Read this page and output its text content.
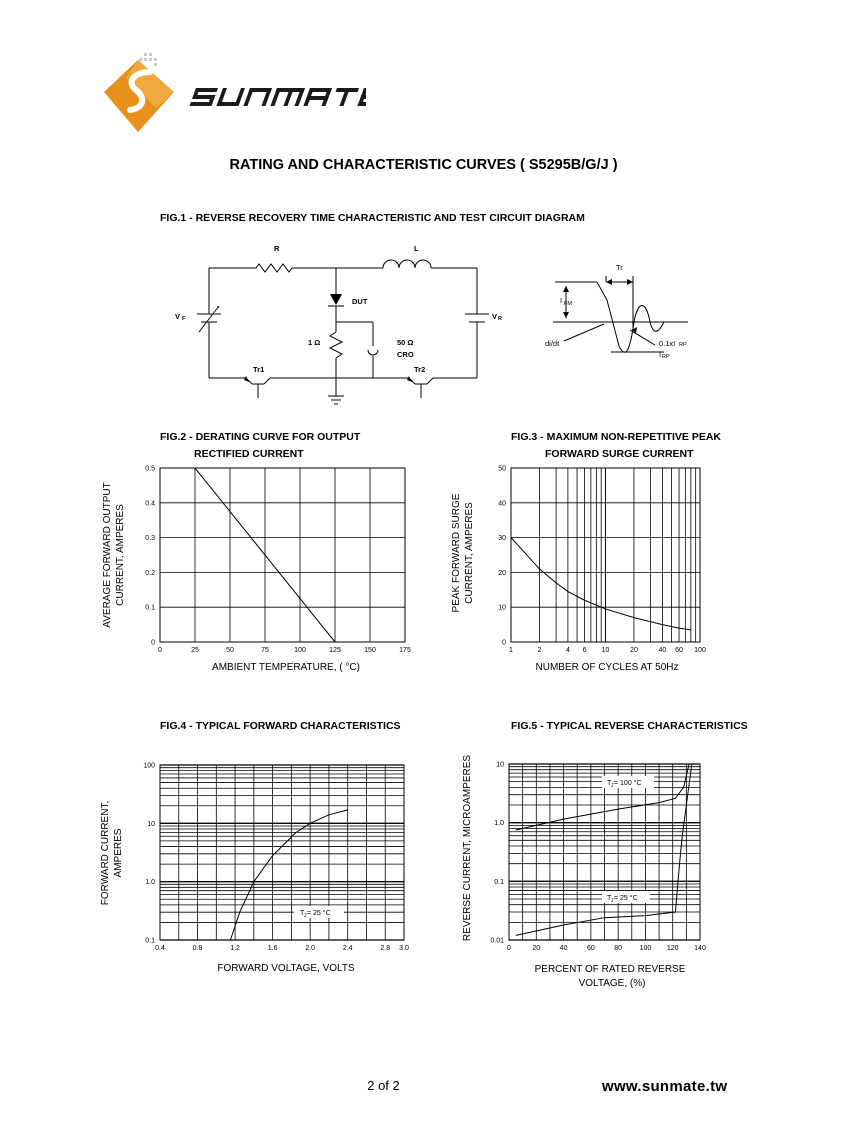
RATING AND CHARACTERISTIC CURVES ( S5295B/G/J )
FIG.1 - REVERSE RECOVERY TIME CHARACTERISTIC AND TEST CIRCUIT DIAGRAM
R	L
V F	V R
DUT
1 Ω	50 Ω
CRO
Tr1	Tr2
Tr
I FM
di/dt	0.1xI RP
I RP
FIG.2 - DERATING CURVE FOR OUTPUT
RECTIFIED CURRENT
FIG.3 - MAXIMUM NON-REPETITIVE PEAK
FORWARD SURGE CURRENT
FIG.4 - TYPICAL FORWARD CHARACTERISTICS	FIG.5 - TYPICAL REVERSE CHARACTERISTICS
0	25	50	75	100	125	150	175
0
0.1
0.2
0.3
0.4
0.5
AMBIENT TEMPERATURE, ( °C)
AVERAGE FORWARD OUTPUT CURRENT, AMPERES
1	2	4 6 10	20	40 60 100
0
10
20
30
40
50
NUMBER OF CYCLES AT 50Hz
PEAK FORWARD SURGE CURRENT, AMPERES
0.4	0.8	1.2	1.6	2.0	2.4	2.8 3.0
0.1
1.0
10
100
FORWARD VOLTAGE, VOLTS
FORWARD CURRENT, AMPERES
T J = 25 °C
0	20	40	60	80	100 120 140
0.01
0.1
1.0
10
PERCENT OF RATED REVERSE
VOLTAGE, (%)
REVERSE CURRENT, MICROAMPERES	T J = 100 °C
T J = 25 °C
2 of 2	www.sunmate.tw
